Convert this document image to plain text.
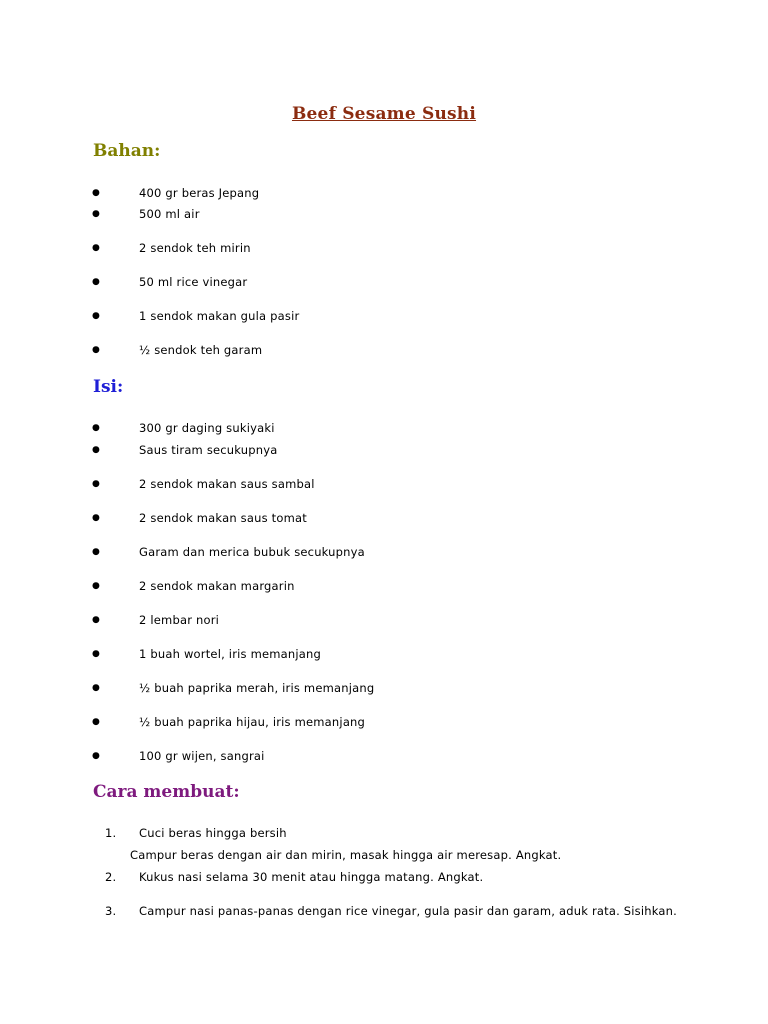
Beef Sesame Sushi
Bahan:
●	400 gr beras Jepang
●	500 ml air
●	2 sendok teh mirin
●	50 ml rice vinegar
●	1 sendok makan gula pasir
●	½ sendok teh garam
Isi:
●	300 gr daging sukiyaki
●	Saus tiram secukupnya
●	2 sendok makan saus sambal
●	2 sendok makan saus tomat
●	Garam dan merica bubuk secukupnya
●	2 sendok makan margarin
●	2 lembar nori
●	1 buah wortel, iris memanjang
●	½ buah paprika merah, iris memanjang
●	½ buah paprika hijau, iris memanjang
●	100 gr wijen, sangrai
Cara membuat:
1. Cuci beras hingga bersih
Campur beras dengan air dan mirin, masak hingga air meresap. Angkat.
2. Kukus nasi selama 30 menit atau hingga matang. Angkat.
3. Campur nasi panas-panas dengan rice vinegar, gula pasir dan garam, aduk rata. Sisihkan.
